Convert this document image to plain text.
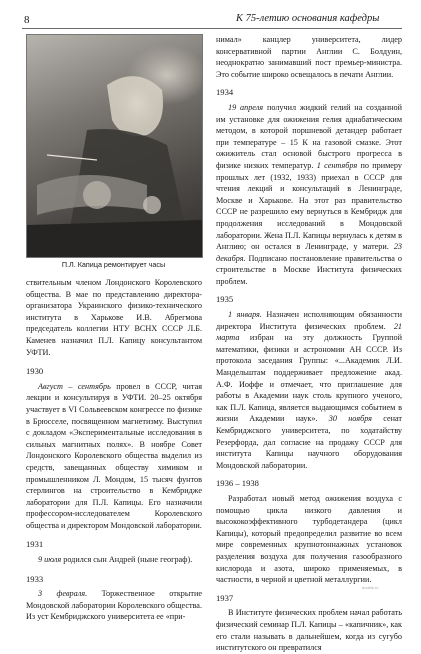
8	К 75-летию основания кафедры
П.Л. Капица ремонтирует часы

ствительным членом Лондонского Королевского общества. В мае по представлению директора-организатора Украинского физико-технического института в Харькове И.В. Абрегмова председатель коллегии НТУ ВСНХ СССР Л.Б. Каменев назначил П.Л. Капицу консультантом УФТИ.

1930

Август – сентябрь провел в СССР, читая лекции и консультируя в УФТИ. 20–25 октября участвует в VI Сольвеевском конгрессе по физике в Брюсселе, посвященном магнетизму. Выступил с докладом «Экспериментальные исследования в сильных магнитных полях». В ноябре Совет Лондонского Королевского общества выделил из средств, завещанных обществу химиком и промышленником Л. Мондом, 15 тысяч фунтов стерлингов на строительство в Кембридже лаборатории для П.Л. Капицы. Его назначили профессором-исследователем Королевского общества и директором Мондовской лаборатории.

1931

9 июля родился сын Андрей (ныне географ).

1933

3 февраля. Торжественное открытие Мондовской лаборатории Королевского общества. Из уст Кембриджского университета ее «при-

нимал» канцлер университета, лидер консервативной партии Англии С. Болдуин, неоднократно занимавший пост премьер-министра. Это событие широко освещалось в печати Англии.

1934

19 апреля получил жидкий гелий на созданной им установке для ожижения гелия адиабатическим методом, в которой поршневой детандер работает при температуре – 15 К на газовой смазке. Этот ожижитель стал основой быстрого прогресса в физике низких температур. 1 сентября по примеру прошлых лет (1932, 1933) приехал в СССР для чтения лекций и консультаций в Ленинграде, Москве и Харькове. На этот раз правительство СССР не разрешило ему вернуться в Кембридж для продолжения исследований в Мондовской лаборатории. Жена П.Л. Капицы вернулась к детям в Англию; он остался в Ленинграде, у матери. 23 декабря. Подписано постановление правительства о строительстве в Москве Института физических проблем.

1935

1 января. Назначен исполняющим обязанности директора Института физических проблем. 21 марта избран на эту должность Группой математики, физики и астрономии АН СССР. Из протокола заседания Группы: «...Академик Л.И. Мандельштам поддерживает предложение акад. А.Ф. Иоффе и отмечает, что приглашение для работы в Академии наук столь крупного ученого, как П.Л. Капица, является выдающимся событием в жизни Академии наук». 30 ноября сенат Кембриджского университета, по ходатайству Резерфорда, дал согласие на продажу СССР для института Капицы научного оборудования Мондовской лаборатории.

1936 – 1938

Разработал новый метод ожижения воздуха с помощью цикла низкого давления и высококоэффективного турбодетандера (цикл Капицы), который предопределил развитие во всем мире современных крупнотоннажных установок разделения воздуха для получения газообразного кислорода и азота, широко применяемых, в частности, в черной и цветной металлургии.

1937

В Институте физических проблем начал работать физический семинар П.Л. Капицы – «капичник», как его стали называть в дальнейшем, когда из сугубо институтского он превратился

bookfs.ru
